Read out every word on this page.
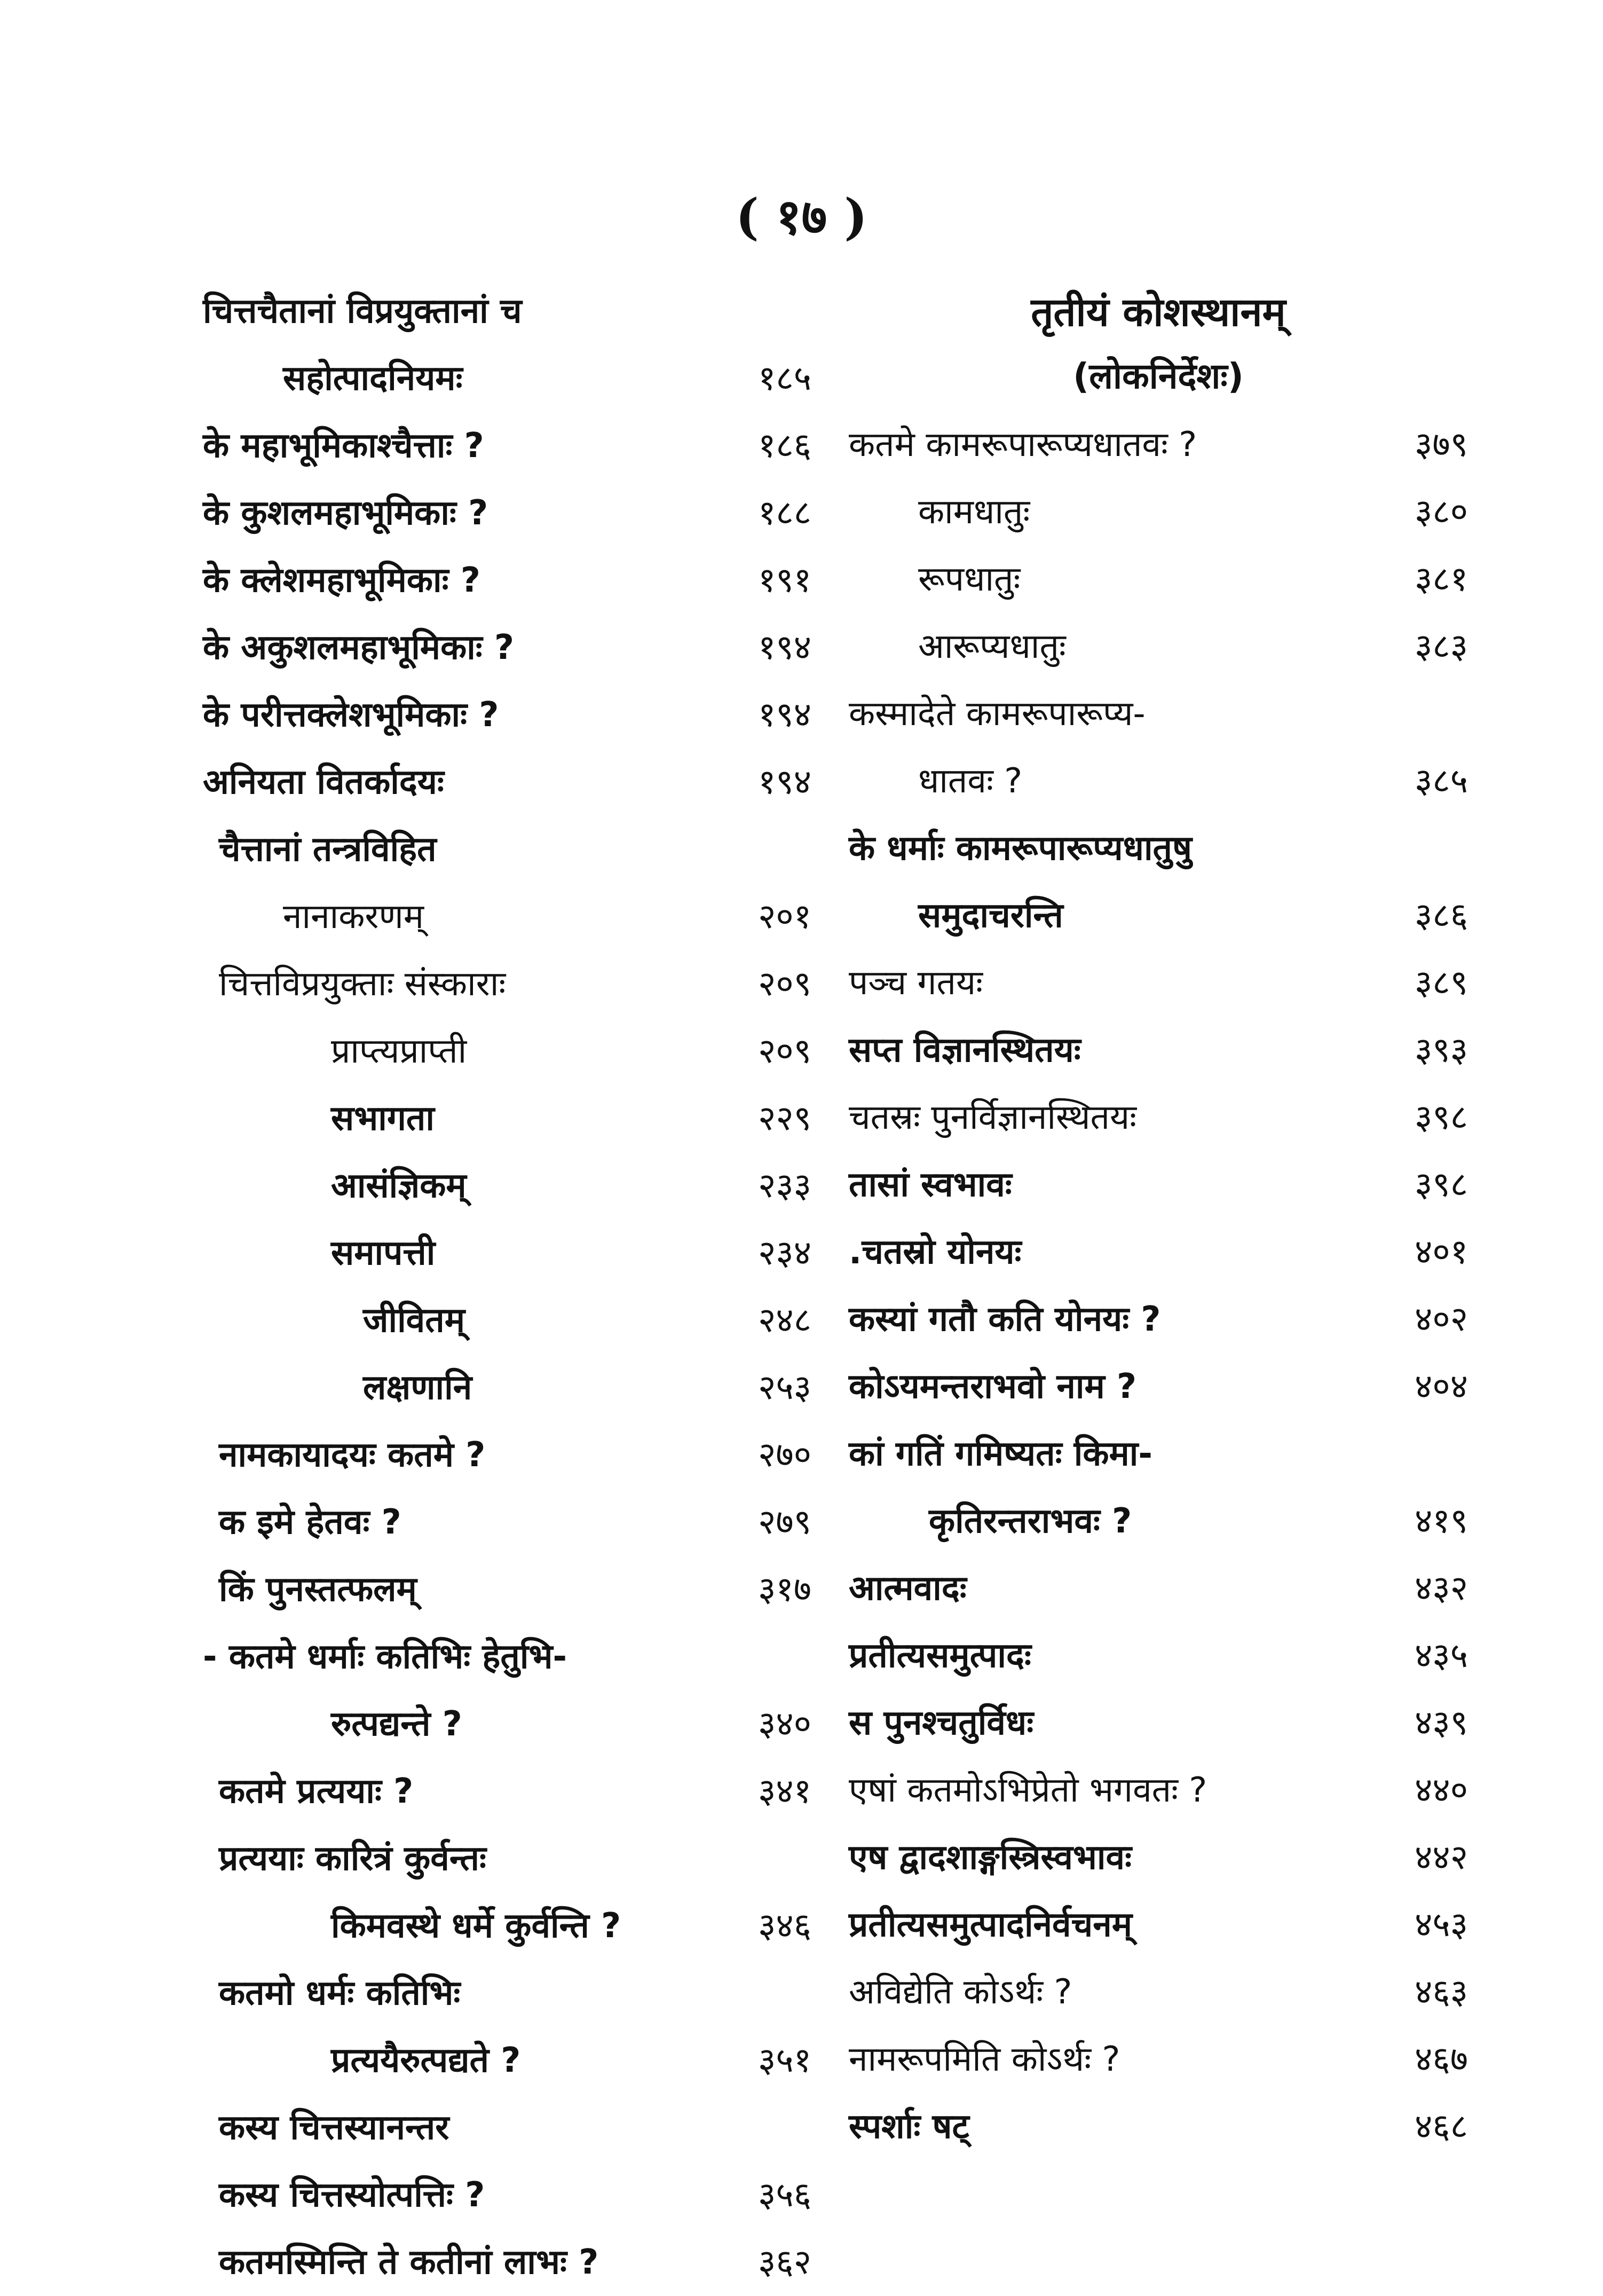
( १७ )
चित्तचैतानां विप्रयुक्तानां च
सहोत्पादनियमः	१८५
के महाभूमिकाश्चैत्ताः ?	१८६
के कुशलमहाभूमिकाः ?	१८८
के क्लेशमहाभूमिकाः ?	१९१
के अकुशलमहाभूमिकाः ?	१९४
के परीत्तक्लेशभूमिकाः ?	१९४
अनियता वितर्कादयः	१९४
चैत्तानां तन्त्रविहित
नानाकरणम्	२०१
चित्तविप्रयुक्ताः संस्काराः	२०९
प्राप्त्यप्राप्ती	२०९
सभागता	२२९
आसंज्ञिकम्	२३३
समापत्ती	२३४
जीवितम्	२४८
लक्षणानि	२५३
नामकायादयः कतमे ?	२७०
क इमे हेतवः ?	२७९
किं पुनस्तत्फलम्	३१७
- कतमे धर्माः कतिभिः हेतुभि-
रुत्पद्यन्ते ?	३४०
कतमे प्रत्ययाः ?	३४१
प्रत्ययाः कारित्रं कुर्वन्तः
किमवस्थे धर्मे कुर्वन्ति ?	३४६
कतमो धर्मः कतिभिः
प्रत्ययैरुत्पद्यते ?	३५१
कस्य चित्तस्यानन्तर
कस्य चित्तस्योत्पत्तिः ?	३५६
कतमस्मिन्ति ते कतीनां लाभः ?	३६२
तृतीयं कोशस्थानम्
(लोकनिर्देशः)
कतमे कामरूपारूप्यधातवः ?	३७९
कामधातुः	३८०
रूपधातुः	३८१
आरूप्यधातुः	३८३
कस्मादेते कामरूपारूप्य-
धातवः ?	३८५
के धर्माः कामरूपारूप्यधातुषु
समुदाचरन्ति	३८६
पञ्च गतयः	३८९
सप्त विज्ञानस्थितयः	३९३
चतस्रः पुनर्विज्ञानस्थितयः	३९८
तासां स्वभावः	३९८
.चतस्रो योनयः	४०१
कस्यां गतौ कति योनयः ?	४०२
कोऽयमन्तराभवो नाम ?	४०४
कां गतिं गमिष्यतः किमा-
कृतिरन्तराभवः ?	४१९
आत्मवादः	४३२
प्रतीत्यसमुत्पादः	४३५
स पुनश्चतुर्विधः	४३९
एषां कतमोऽभिप्रेतो भगवतः ?	४४०
एष द्वादशाङ्गस्त्रिस्वभावः	४४२
प्रतीत्यसमुत्पादनिर्वचनम्	४५३
अविद्येति कोऽर्थः ?	४६३
नामरूपमिति कोऽर्थः ?	४६७
स्पर्शाः षट्	४६८
